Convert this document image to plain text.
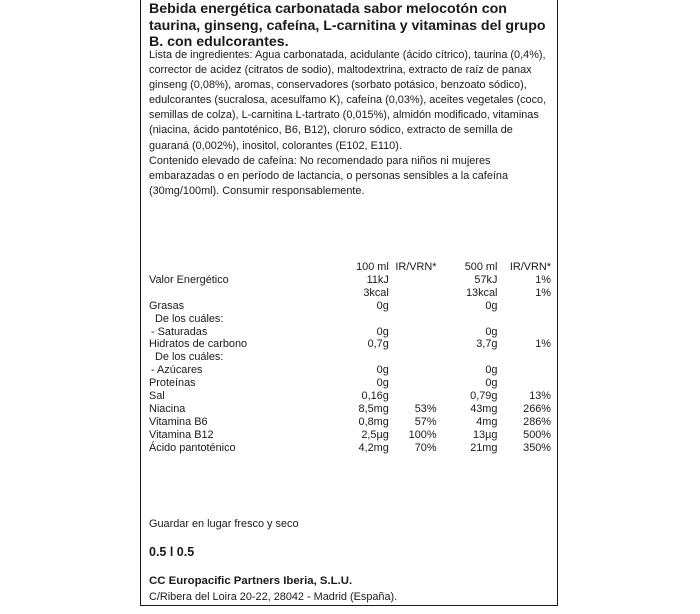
Bebida energética carbonatada sabor melocotón con taurina, ginseng, cafeína, L-carnitina y vitaminas del grupo B. con edulcorantes.

Lista de ingredientes: Agua carbonatada, acidulante (ácido cítrico), taurina (0,4%), corrector de acidez (citratos de sodio), maltodextrina, extracto de raíz de panax ginseng (0,08%), aromas, conservadores (sorbato potásico, benzoato sódico), edulcorantes (sucralosa, acesulfamo K), cafeína (0,03%), aceites vegetales (coco, semillas de colza), L-carnitina L-tartrato (0,015%), almidón modificado, vitaminas (niacina, ácido pantoténico, B6, B12), cloruro sódico, extracto de semilla de guaraná (0,002%), inositol, colorantes (E102, E110).

Contenido elevado de cafeína: No recomendado para niños ni mujeres embarazadas o en período de lactancia, o personas sensibles a la cafeína (30mg/100ml). Consumir responsablemente.

	100 ml	IR/VRN*	500 ml	IR/VRN*
Valor Energético	11kJ		57kJ	1%
	3kcal		13kcal	1%
Grasas	0g		0g	
De los cuáles:				
- Saturadas	0g		0g	
Hidratos de carbono	0,7g		3,7g	1%
De los cuáles:				
- Azúcares	0g		0g	
Proteínas	0g		0g	
Sal	0,16g		0,79g	13%
Niacina	8,5mg	53%	43mg	266%
Vitamina B6	0,8mg	57%	4mg	286%
Vitamina B12	2,5µg	100%	13µg	500%
Ácido pantoténico	4,2mg	70%	21mg	350%

Guardar en lugar fresco y seco

0.5 l 0.5

CC Europacific Partners Iberia, S.L.U.

C/Ribera del Loira 20-22, 28042 - Madrid (España).
